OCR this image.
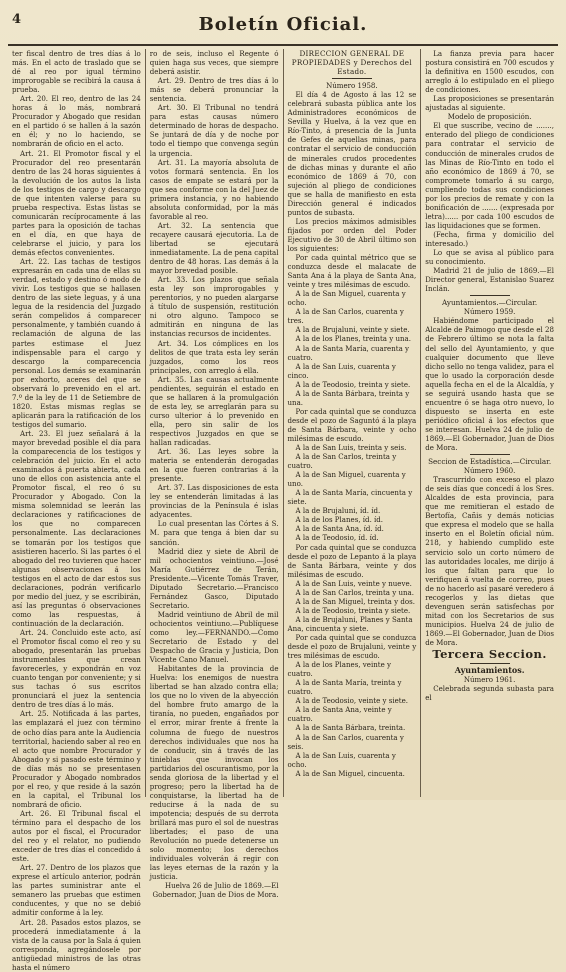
4	Boletín Oficial.

ter fiscal dentro de tres días á lo más. En el acto de traslado que se dé al reo por igual término improrogable se recibirá la causa á prueba.

Art. 20. El reo, dentro de las 24 horas á lo más, nombrará Procurador y Abogado que residan en el partido ó se hallen á la sazón en él; y no lo haciendo, se nombrarán de oficio en el acto.

Art. 21. El Promotor fiscal y el Procurador del reo presentarán dentro de las 24 horas siguientes á la devolución de los autos la lista de los testigos de cargo y descargo de que intenten valerse para su prueba respectiva. Estas listas se comunicarán recíprocamente á las partes para la oposición de tachas en el día, en que haya de celebrarse el juicio, y para los demás efectos convenientes.

Art. 22. Las tachas de testigos expresarán en cada una de ellas su verdad, estado y destino ó modo de vivir. Los testigos que se hallasen dentro de las siete leguas, y á una legua de la residencia del Juzgado serán compelidos á comparecer personalmente, y también cuando á reclamación de alguna de las partes estimase el Juez indispensable para el cargo y descargo la comparecencia personal. Los demás se examinarán por exhorto, aceres del que se observará lo prevenido en el art. 7.º de la ley de 11 de Setiembre de 1820. Estas mismas reglas se aplicarán para la ratificación de los testigos del sumario.

Art. 23. El juez señalará á la mayor brevedad posible el día para la comparecencia de los testigos y celebración del juicio. En el acto examinados á puerta abierta, cada uno de ellos con asistencia ante el Promotor fiscal, el reo ó su Procurador y Abogado. Con la misma solemnidad se leerán las declaraciones y ratificaciones de los que no comparecen personalmente. Las declaraciones se tomarán por los testigos que asistieren hacerlo. Si las partes ó el abogado del reo tuvieren que hacer algunas observaciones á los testigos en el acto de dar estos sus declaraciones, podrán verificarlo por medio del juez, y se escribirán, así las preguntas ó observaciones como las respuestas, á continuación de la declaración.

Art. 24. Concluido este acto, así el Promotor fiscal como el reo y su abogado, presentarán las pruebas instrumentales que crean favorecerles, y expondrán en voz cuanto tengan por conveniente; y si sus tachas ó sus escritos pronunciará el juez la sentencia dentro de tres días á lo más.

Art. 25. Notificada á las partes, las emplazará el juez con término de ocho días para ante la Audiencia territorial, haciendo saber al reo en el acto que nombre Procurador y Abogado y si pasado este término y de días más no se presentasen Procurador y Abogado nombrados por el reo, y que reside á la sazón en la capital, el Tribunal los nombrará de oficio.

Art. 26. El Tribunal fiscal el término para el despacho de los autos por el fiscal, el Procurador del reo y el relator, no pudiendo exceder de tres días el concedido á este.

Art. 27. Dentro de los plazos que exprese el artículo anterior, podrán las partes suministrar ante el semanero las pruebas que estimen conducentes, y que no se debió admitir conforme á la ley.

Art. 28. Pasados estos plazos, se procederá inmediatamente á la vista de la causa por la Sala á quien corresponda, agregándosele por antigüedad ministros de las otras hasta el número

ro de seis, incluso el Regente ó quien haga sus veces, que siempre deberá asistir.

Art. 29. Dentro de tres días á lo más se deberá pronunciar la sentencia.

Art. 30. El Tribunal no tendrá para estas causas número determinado de horas de despacho. Se juntará de día y de noche por todo el tiempo que convenga según la urgencia.

Art. 31. La mayoría absoluta de votos formará sentencia. En los casos de empate se estará por la que sea conforme con la del Juez de primera instancia, y no habiendo absoluta conformidad, por la más favorable al reo.

Art. 32. La sentencia que recayere causará ejecutoria. La de libertad se ejecutará inmediatamente. La de pena capital dentro de 48 horas. Las demás á la mayor brevedad posible.

Art. 33. Los plazos que señala esta ley son improrogables y perentorios, y no pueden alargarse á título de suspensión, restitución ni otro alguno. Tampoco se admitirán en ninguna de las instancias recursos de incidentes.

Art. 34. Los cómplices en los delitos de que trata esta ley serán juzgados, como los reos principales, con arreglo á ella.

Art. 35. Las causas actualmente pendientes, seguirán el estado en que se hallaren á la promulgación de esta ley, se arreglarán para su curso ulterior á lo prevenido en ella, pero sin salir de los respectivos Juzgados en que se hallan radicadas.

Art. 36. Las leyes sobre la materia se entenderán derogadas en la que fueren contrarias á la presente.

Art. 37. Las disposiciones de esta ley se entenderán limitadas á las provincias de la Península é islas adyacentes.

Lo cual presentan las Córtes á S. M. para que tenga á bien dar su sanción.

Madrid diez y siete de Abril de mil ochocientos veintiuno.—José María Gutiérrez de Terán, Presidente.—Vicente Tomás Traver, Diputado Secretario.—Francisco Fernández Gasco, Diputado Secretario.

Madrid veintiuno de Abril de mil ochocientos veintiuno.—Publíquese como ley.—FERNANDO.—Como Secretario de Estado y del Despacho de Gracia y Justicia, Don Vicente Cano Manuel.

Habitantes de la provincia de Huelva: los enemigos de nuestra libertad se han alzado contra ella; los que no lo viven de la abyección del hombre fruto amargo de la tiranía, no pueden, engañados por el error, mirar frente á frente la columna de fuego de nuestros derechos individuales que nos ha de conducir, sin á través de las tinieblas que invocan los partidarios del oscurantismo, por la senda gloriosa de la libertad y el progreso; pero la libertad ha de conquistarse, la libertad ha de reducirse á la nada de su impotencia; después de su derrota brillará mas puro el sol de nuestras libertades; el paso de una Revolución no puede detenerse un solo momento; los derechos individuales volverán á regir con las leyes eternas de la razón y la justicia.

Huelva 26 de Julio de 1869.—El Gobernador, Juan de Dios de Mora.

DIRECCION GENERAL DE PROPIEDADES y Derechos del Estado.

Número 1958.

El día 4 de Agosto á las 12 se celebrará subasta pública ante los Administradores económicos de Sevilla y Huelva, á la vez que en Río-Tinto, á presencia de la Junta de Gefes de aquellas minas, para contratar el servicio de conducción de minerales crudos procedentes de dichas minas y durante el año económico de 1869 á 70, con sujeción al pliego de condiciones que se halla de manifiesto en esta Dirección general é indicados puntos de subasta.

Los precios máximos admisibles fijados por orden del Poder Ejecutivo de 30 de Abril último son los siguientes:

Por cada quintal métrico que se conduzca desde el malacate de Santa Ana á la playa de Santa Ana, veinte y tres milésimas de escudo.

A la de San Miguel, cuarenta y ocho.

A la de San Carlos, cuarenta y tres.

A la de Brujaluni, veinte y siete.

A la de los Planes, treinta y una.

A la de Santa María, cuarenta y cuatro.

A la de San Luis, cuarenta y cinco.

A la de Teodosio, treinta y siete.

A la de Santa Bárbara, treinta y una.

Por cada quintal que se conduzca desde el pozo de Saguntó á la playa de Santa Bárbara, veinte y ocho milésimas de escudo.

A la de San Luis, treinta y seis.

A la de San Carlos, treinta y cuatro.

A la de San Miguel, cuarenta y uno.

A la de Santa María, cincuenta y siete.

A la de Brujaluni, íd. íd.

A la de los Planes, íd. íd.

A la de Santa Ana, íd. íd.

A la de Teodosio, íd. íd.

Por cada quintal que se conduzca desde el pozo de Lepanto á la playa de Santa Bárbara, veinte y dos milésimas de escudo.

A la de San Luis, veinte y nueve.

A la de San Carlos, treinta y una.

A la de San Miguel, treinta y dos.

A la de Teodosio, treinta y siete.

A la de Brujaluni, Planes y Santa Ana, cincuenta y siete.

Por cada quintal que se conduzca desde el pozo de Brujaluni, veinte y tres milésimas de escudo.

A la de los Planes, veinte y cuatro.

A la de Santa María, treinta y cuatro.

A la de Teodosio, veinte y siete.

A la de Santa Ana, veinte y cuatro.

A la de Santa Bárbara, treinta.

A la de San Carlos, cuarenta y seis.

A la de San Luis, cuarenta y ocho.

A la de San Miguel, cincuenta.

La fianza previa para hacer postura consistirá en 700 escudos y la definitiva en 1500 escudos, con arreglo á lo estipulado en el pliego de condiciones.

Las proposiciones se presentarán ajustadas al siguiente.

Modelo de proposición.

El que suscribe, vecino de ......., enterado del pliego de condiciones para contratar el servicio de conducción de minerales crudos de las Minas de Río-Tinto en todo el año económico de 1869 á 70, se compromete tomarlo á su cargo, cumpliendo todas sus condiciones por los precios de remate y con la bonificación de ....... (expresada por letra)...... por cada 100 escudos de las liquidaciones que se formen.

(Fecha, firma y domicilio del interesado.)

Lo que se avisa al público para su conocimiento.

Madrid 21 de julio de 1869.—El Director general, Estanislao Suarez Inclán.

Ayuntamientos.—Circular.

Número 1959.

Habiéndome participado el Alcalde de Paimogo que desde el 28 de Febrero último se nota la falta del sello del Ayuntamiento, y que cualquier documento que lleve dicho sello no tenga validez, para el que lo usado la corporación desde aquella fecha en el de la Alcaldía, y se seguirá usando hasta que se encuentre ó se haga otro nuevo, lo dispuesto se inserta en este periódico oficial á los efectos que se interesan. Huelva 24 de julio de 1869.—El Gobernador, Juan de Dios de Mora.

Seccion de Estadística.—Circular.

Número 1960.

Trascurrido con exceso el plazo de seis días que concedí á los Sres. Alcaldes de esta provincia, para que me remitieran el estado de Bertofía, Cañis y demás noticias que expresa el modelo que se halla inserto en el Boletín oficial núm. 218, y habiendo cumplido este servicio solo un corto número de las autoridades locales, me dirijo á los que faltan para que lo verifiquen á vuelta de correo, pues de no hacerlo así pasaré veredero á recogerlos y las dietas que devenguen serán satisfechas por mitad con los Secretarios de sus municipios. Huelva 24 de julio de 1869.—El Gobernador, Juan de Dios de Mora.

Tercera Seccion.

Ayuntamientos.

Número 1961.

Celebrada segunda subasta para el
